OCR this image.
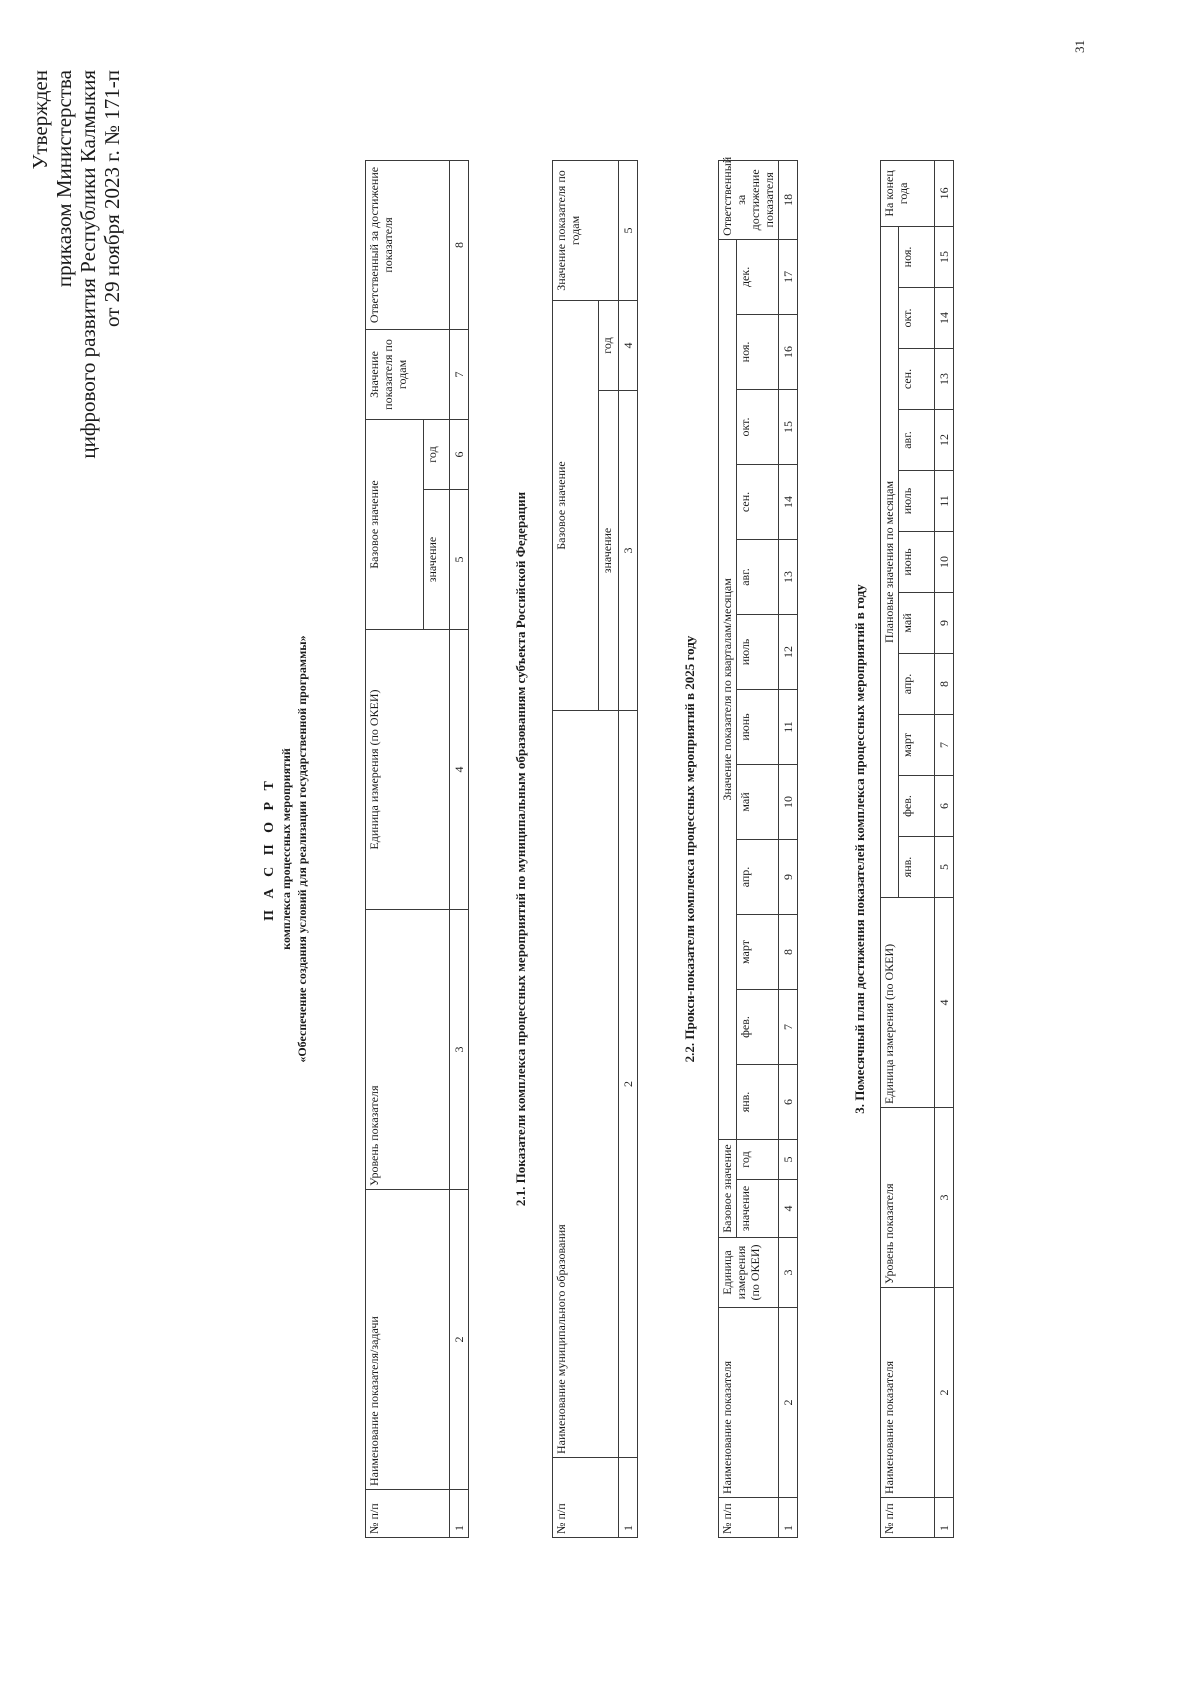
Утвержден приказом Министерства цифрового развития Республики Калмыкия от 29 ноября 2023 г. № 171-п
П А С П О Р Т комплекса процессных мероприятий «Обеспечение создания условий для реализации государственной программы»
№ п/п	Наименование показателя/задачи	Уровень показателя	Единица измерения (по ОКЕИ)	Базовое значение		Значение показателя по годам	Ответственный за достижение показателя
				значение	год		
1	2	3	4	5	6	7	8
2.1. Показатели комплекса процессных мероприятий по муниципальным образованиям субъекта Российской Федерации
№ п/п	Наименование муниципального образования	Базовое значение		Значение показателя по годам
		значение	год	
1	2	3	4	5
2.2. Прокси-показатели комплекса процессных мероприятий в 2025 году
№ п/п	Наименование показателя	Единица измерения (по ОКЕИ)	Базовое значение		Значение показателя по кварталам/месяцам												Ответственный за достижение показателя
			значение	год	янв.	фев.	март	апр.	май	июнь	июль	авг.	сен.	окт.	ноя.	дек.	
1	2	3	4	5	6	7	8	9	10	11	12	13	14	15	16	17	18
3. Помесячный план достижения показателей комплекса процессных мероприятий в году
№ п/п	Наименование показателя	Уровень показателя	Единица измерения (по ОКЕИ)	Плановые значения по месяцам											На конец года
				янв.	фев.	март	апр.	май	июнь	июль	авг.	сен.	окт.	ноя.	
1	2	3	4	5	6	7	8	9	10	11	12	13	14	15	16
31
